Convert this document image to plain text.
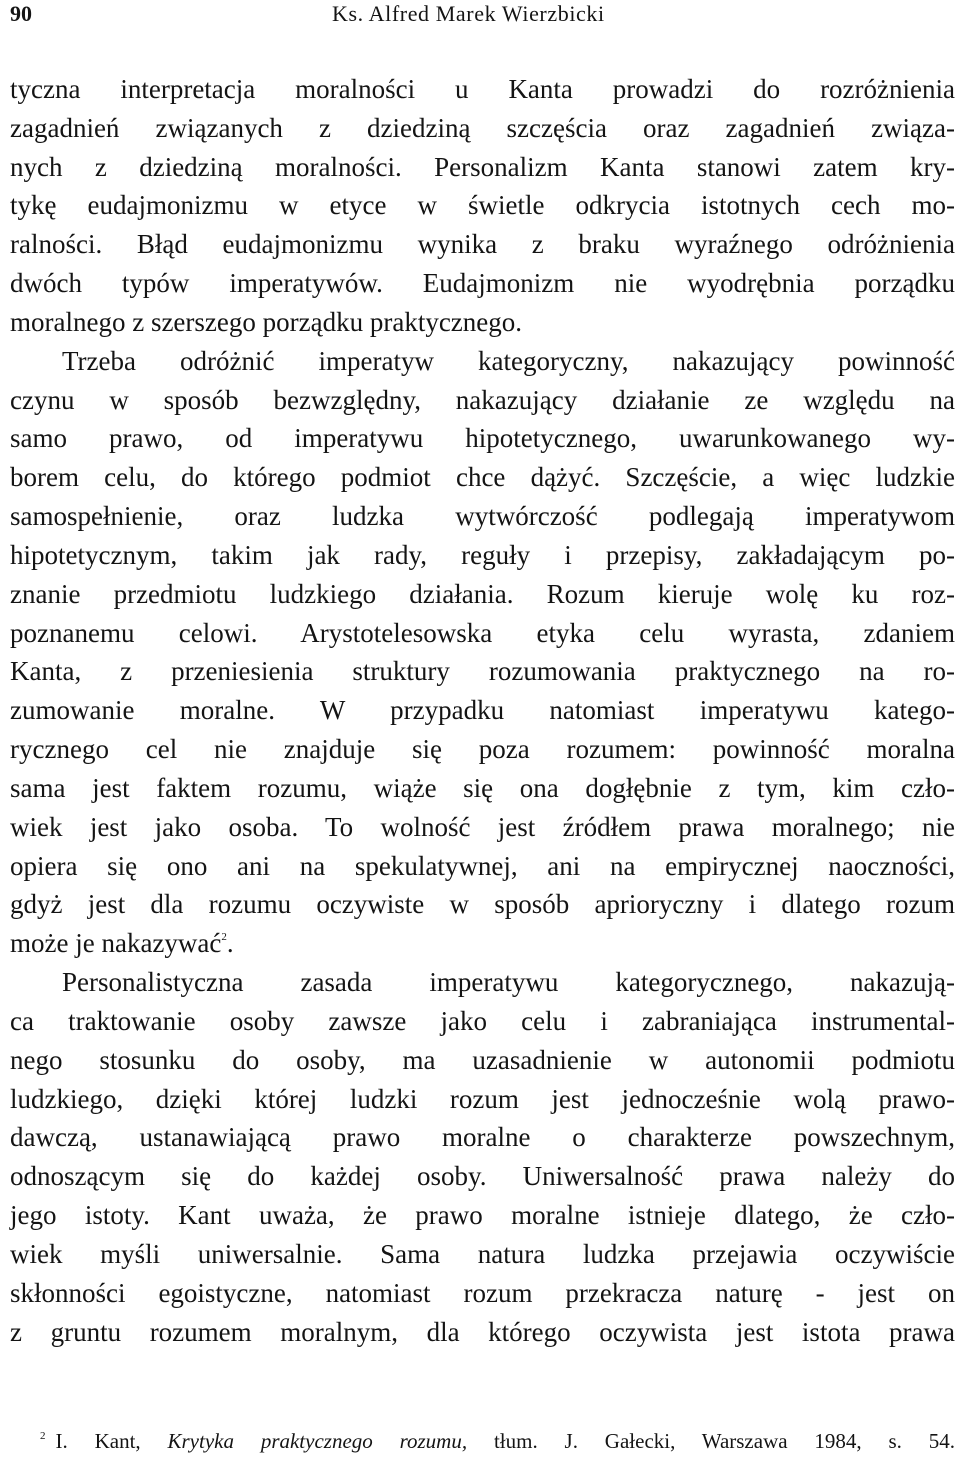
90	Ks. Alfred Marek Wierzbicki
tyczna interpretacja moralności u Kanta prowadzi do rozróżnienia
zagadnień związanych z dziedziną szczęścia oraz zagadnień związa-
nych z dziedziną moralności. Personalizm Kanta stanowi zatem kry-
tykę eudajmonizmu w etyce w świetle odkrycia istotnych cech mo-
ralności. Błąd eudajmonizmu wynika z braku wyraźnego odróżnienia
dwóch typów imperatywów. Eudajmonizm nie wyodrębnia porządku
moralnego z szerszego porządku praktycznego.
Trzeba odróżnić imperatyw kategoryczny, nakazujący powinność
czynu w sposób bezwzględny, nakazujący działanie ze względu na
samo prawo, od imperatywu hipotetycznego, uwarunkowanego wy-
borem celu, do którego podmiot chce dążyć. Szczęście, a więc ludzkie
samospełnienie, oraz ludzka wytwórczość podlegają imperatywom
hipotetycznym, takim jak rady, reguły i przepisy, zakładającym po-
znanie przedmiotu ludzkiego działania. Rozum kieruje wolę ku roz-
poznanemu celowi. Arystotelesowska etyka celu wyrasta, zdaniem
Kanta, z przeniesienia struktury rozumowania praktycznego na ro-
zumowanie moralne. W przypadku natomiast imperatywu katego-
rycznego cel nie znajduje się poza rozumem: powinność moralna
sama jest faktem rozumu, wiąże się ona dogłębnie z tym, kim czło-
wiek jest jako osoba. To wolność jest źródłem prawa moralnego; nie
opiera się ono ani na spekulatywnej, ani na empirycznej naoczności,
gdyż jest dla rozumu oczywiste w sposób aprioryczny i dlatego rozum
może je nakazywać$^2$.
Personalistyczna zasada imperatywu kategorycznego, nakazują-
ca traktowanie osoby zawsze jako celu i zabraniająca instrumental-
nego stosunku do osoby, ma uzasadnienie w autonomii podmiotu
ludzkiego, dzięki której ludzki rozum jest jednocześnie wolą prawo-
dawczą, ustanawiającą prawo moralne o charakterze powszechnym,
odnoszącym się do każdej osoby. Uniwersalność prawa należy do
jego istoty. Kant uważa, że prawo moralne istnieje dlatego, że czło-
wiek myśli uniwersalnie. Sama natura ludzka przejawia oczywiście
skłonności egoistyczne, natomiast rozum przekracza naturę - jest on
z gruntu rozumem moralnym, dla którego oczywista jest istota prawa
$^2$ I. Kant, Krytyka praktycznego rozumu, tłum. J. Gałecki, Warszawa 1984, s. 54.
